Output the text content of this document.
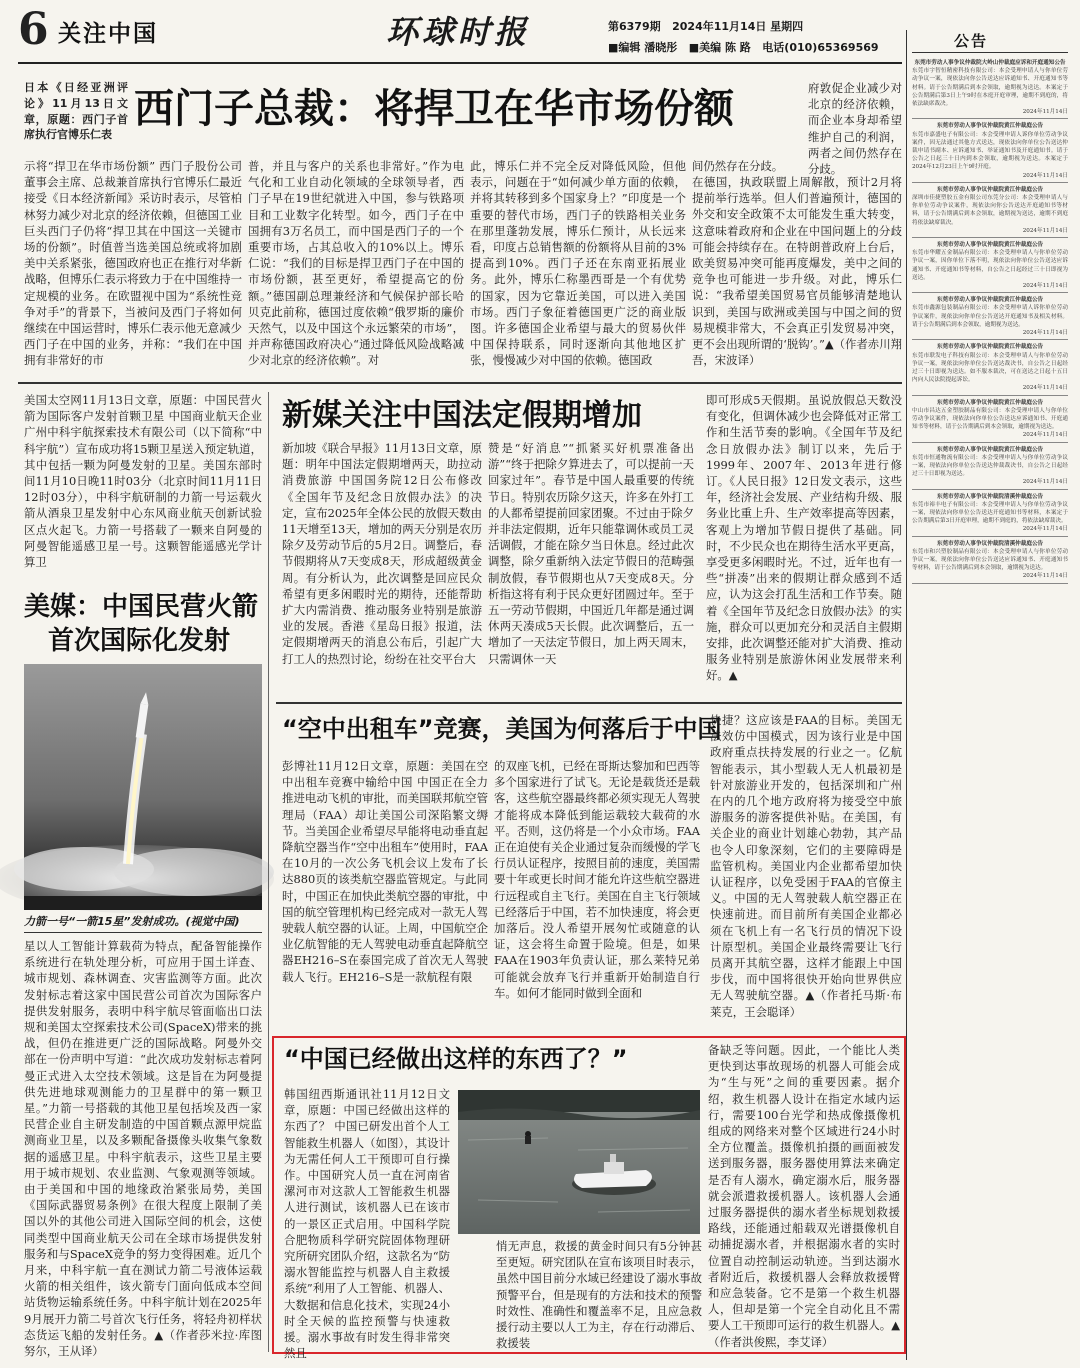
6 关注中国	环球时报	第6379期 2024年11月14日 星期四
■编辑 潘晓彤 ■美编 陈 路 电话(010)65369569	公告
东莞市劳动人事争议仲裁院大岭山仲裁庭应诉和开庭通知公告
东莞市宇智恒精密科技有限公司：本会受理申请人与你单位劳动争议一案，现依法向你公告送达应诉通知书、开庭通知书等材料。请于公告期满后到本会领取，逾期视为送达。本案定于公告期满后第3日上午9时在本庭开庭审理，逾期不到庭的，将依法缺席裁决。
2024年11月14日
东莞市劳动人事争议仲裁院黄江仲裁庭公告
东莞市嘉盛电子有限公司：本会受理申请人诉你单位劳动争议案件，因无法通过其他方式送达，现依法向你单位公告送达仲裁申请书副本、应诉通知书、举证通知书及开庭通知书。请于公告之日起三十日内到本会领取，逾期视为送达。本案定于2024年12月23日上午9时开庭。
2024年11月14日
东莞市劳动人事争议仲裁院黄江仲裁庭公告
深圳市佳捷塑胶五金有限公司东莞分公司：本会受理申请人与你单位劳动争议案件，现依法向你公告送达开庭通知书等材料，请于公告期满后到本会领取，逾期视为送达，逾期不到庭将依法缺席裁决。
2024年11月14日
东莞市劳动人事争议仲裁院黄江仲裁庭公告
东莞市华耀五金制品有限公司：本会受理申请人与你单位劳动争议一案，因你单位下落不明，现依法向你单位公告送达应诉通知书、开庭通知书等材料，自公告之日起经过三十日即视为送达。
2024年11月14日
东莞市劳动人事争议仲裁院黄江仲裁庭公告
东莞市鑫源包装制品有限公司：本会受理申请人诉你单位劳动争议案件，现依法向你单位公告送达开庭通知书及相关材料。请于公告期满后到本会领取，逾期视为送达。
2024年11月14日
东莞市劳动人事争议仲裁院黄江仲裁庭公告
东莞市联发电子科技有限公司：本会受理申请人与你单位劳动争议一案，现依法向你单位公告送达裁决书，自公告之日起经过三十日即视为送达。如不服本裁决，可在送达之日起十五日内向人民法院提起诉讼。
2024年11月14日
东莞市劳动人事争议仲裁院黄江仲裁庭公告
中山市昌达五金塑胶制品有限公司：本会受理申请人与你单位劳动争议案件，现依法向你单位公告送达应诉通知书、开庭通知书等材料，请于公告期满后到本会领取，逾期视为送达。
2024年11月14日
东莞市劳动人事争议仲裁院黄江仲裁庭公告
东莞市恒通物流有限公司：本会受理申请人与你单位劳动争议一案，现依法向你单位公告送达仲裁裁决书，自公告之日起经过三十日即视为送达。
2024年11月14日
东莞市劳动人事争议仲裁院清溪仲裁庭公告
东莞市裕丰电子有限公司：本会受理申请人与你单位劳动争议一案，现依法向你单位公告送达开庭通知书等材料，本案定于公告期满后第3日开庭审理，逾期不到庭的，将依法缺席裁决。
2024年11月14日
东莞市劳动人事争议仲裁院清溪仲裁庭公告
东莞市和兴塑胶制品有限公司：本会受理申请人与你单位劳动争议一案，现依法向你单位公告送达应诉通知书、开庭通知书等材料，请于公告期满后到本会领取，逾期视为送达。
2024年11月14日
日本《日经亚洲评论》11月13日文章，原题：西门子首席执行官博乐仁表
西门子总裁：将捍卫在华市场份额	府敦促企业减少对北京的经济依赖，而企业本身却希望维护自己的利润，两者之间仍然存在分歧。
示将“捍卫在华市场份额” 西门子股份公司董事会主席、总裁兼首席执行官博乐仁最近接受《日本经济新闻》采访时表示，尽管柏林努力减少对北京的经济依赖，但德国工业巨头西门子仍将“捍卫其在中国这一关键市场的份额”。时值普当选美国总统或将加剧美中关系紧张，德国政府也正在推行对华新战略，但博乐仁表示将致力于在中国维持一定规模的业务。在欧盟视中国为“系统性竞争对手”的背景下，当被问及西门子将如何继续在中国运营时，博乐仁表示他无意减少西门子在中国的业务，并称：“我们在中国拥有非常好的市
普，并且与客户的关系也非常好。”作为电气化和工业自动化领域的全球领导者，西门子早在19世纪就进入中国，参与铁路项目和工业数字化转型。如今，西门子在中国拥有3万名员工，而中国是西门子的一个重要市场，占其总收入的10%以上。博乐仁说：“我们的目标是捍卫西门子在中国的市场份额，甚至更好，希望提高它的份额。”德国副总理兼经济和气候保护部长哈贝克此前称，德国过度依赖“俄罗斯的廉价天然气，以及中国这个永远繁荣的市场”，并声称德国政府决心“通过降低风险战略减少对北京的经济依赖”。对
此，博乐仁并不完全反对降低风险，但他表示，问题在于“如何减少单方面的依赖，并将其转移到多个国家身上？”印度是一个重要的替代市场，西门子的铁路相关业务在那里蓬勃发展，博乐仁预计，从长远来看，印度占总销售额的份额将从目前的3%提高到10%。西门子还在东南亚拓展业务。此外，博乐仁称墨西哥是一个有优势的国家，因为它靠近美国，可以进入美国市场。西门子象征着德国更广泛的商业版图。许多德国企业希望与最大的贸易伙伴中国保持联系，同时逐渐向其他地区扩张，慢慢减少对中国的依赖。德国政
在德国，执政联盟上周解散，预计2月将提前举行选举。但人们普遍预计，德国的外交和安全政策不太可能发生重大转变，这意味着政府和企业在中国问题上的分歧可能会持续存在。在特朗普政府上台后，欧美贸易冲突可能再度爆发，美中之间的竞争也可能进一步升级。对此，博乐仁说：“我希望美国贸易官员能够清楚地认识到，美国与欧洲或美国与中国之间的贸易规模非常大，不会真正引发贸易冲突，更不会出现所谓的‘脱钩’。”▲（作者赤川翔吾，宋波译）
间仍然存在分歧。
美国太空网11月13日文章，原题：中国民营火箭为国际客户发射首颗卫星 中国商业航天企业广州中科宇航探索技术有限公司（以下简称“中科宇航”）宣布成功将15颗卫星送入预定轨道，其中包括一颗为阿曼发射的卫星。美国东部时间11月10日晚11时03分（北京时间11月11日12时03分），中科宇航研制的力箭一号运载火箭从酒泉卫星发射中心东风商业航天创新试验区点火起飞。力箭一号搭载了一颗来自阿曼的阿曼智能遥感卫星一号。这颗智能遥感光学计算卫
美媒：中国民营火箭
首次国际化发射
力箭一号“一箭15星”发射成功。(视觉中国)
星以人工智能计算载荷为特点，配备智能操作系统进行在轨处理分析，可应用于国土详查、城市规划、森林调查、灾害监测等方面。此次发射标志着这家中国民营公司首次为国际客户提供发射服务，表明中科宇航尽管面临出口法规和美国太空探索技术公司(SpaceX)带来的挑战，但仍在推进更广泛的国际战略。阿曼外交部在一份声明中写道：“此次成功发射标志着阿曼正式进入太空技术领域。这是旨在为阿曼提供先进地球观测能力的卫星群中的第一颗卫星。”力箭一号搭载的其他卫星包括埃及西一家民营企业自主研发制造的中国首颗点源甲烷监测商业卫星，以及多颗配备摄像头收集气象数据的遥感卫星。中科宇航表示，这些卫星主要用于城市规划、农业监测、气象观测等领域。由于美国和中国的地缘政治紧张局势，美国《国际武器贸易条例》在很大程度上限制了美国以外的其他公司进入国际空间的机会，这使同类型中国商业航天公司在全球市场提供发射服务和与SpaceX竞争的努力变得困难。近几个月来，中科宇航一直在测试力箭二号液体运载火箭的相关组件，该火箭专门面向低成本空间站货物运输系统任务。中科宇航计划在2025年9月展开力箭二号首次飞行任务，将轻舟初样状态货运飞船的发射任务。▲（作者莎米拉·库图努尔，王从译）
新媒关注中国法定假期增加
新加坡《联合早报》11月13日文章，原题：明年中国法定假期增两天，助拉动消费旅游 中国国务院12日公布修改《全国年节及纪念日放假办法》的决定，宣布2025年全体公民的放假天数由11天增至13天，增加的两天分别是农历除夕及劳动节后的5月2日。调整后，春节假期将从7天变成8天，形成超级黄金周。有分析认为，此次调整是回应民众希望有更多闲暇时光的期待，还能帮助扩大内需消费、推动服务业特别是旅游业的发展。香港《星岛日报》报道，法定假期增两天的消息公布后，引起广大打工人的热烈讨论，纷纷在社交平台大
赞是“好消息”“抓紧买好机票准备出游”“终于把除夕算进去了，可以提前一天回家过年”。春节是中国人最重要的传统节日。特别农历除夕这天，许多在外打工的人都希望提前回家团聚。不过由于除夕并非法定假期，近年只能靠调休或员工灵活调假，才能在除夕当日休息。经过此次调整，除夕重新纳入法定节假日的范畴强制放假，春节假期也从7天变成8天。分析指这将有利于民众更好团圆过年。至于五一劳动节假期，中国近几年都是通过调休两天凑成5天长假。此次调整后，五一增加了一天法定节假日，加上两天周末，只需调休一天
即可形成5天假期。虽说放假总天数没有变化，但调休减少也会降低对正常工作和生活节奏的影响。《全国年节及纪念日放假办法》制订以来，先后于1999年、2007年、2013年进行修订。《人民日报》12日发文表示，这些年，经济社会发展、产业结构升级、服务业比重上升、生产效率提高等因素，客观上为增加节假日提供了基础。同时，不少民众也在期待生活水平更高，享受更多闲暇时光。不过，近年也有一些“拼凑”出来的假期让群众感到不适应，认为这会打乱生活和工作节奏。随着《全国年节及纪念日放假办法》的实施，群众可以更加充分和灵活自主假期安排，此次调整还能对扩大消费、推动服务业特别是旅游休闲业发展带来利好。▲
“空中出租车”竞赛，美国为何落后于中国
彭博社11月12日文章，原题：美国在空中出租车竞赛中输给中国 中国正在全力推进电动飞机的审批，而美国联邦航空管理局（FAA）却让美国公司深陷繁文缛节。当美国企业希望尽早能将电动垂直起降航空器当作“空中出租车”使用时，FAA在10月的一次公务飞机会议上发布了长达880页的该类航空器监管规定。与此同时，中国正在加快此类航空器的审批，中国的航空管理机构已经完成对一款无人驾驶载人航空器的认证。上周，中国航空企业亿航智能的无人驾驶电动垂直起降航空器EH216–S在泰国完成了首次无人驾驶载人飞行。EH216–S是一款航程有限
的双座飞机，已经在哥斯达黎加和巴西等多个国家进行了试飞。无论是载货还是载客，这些航空器最终都必须实现无人驾驶才能将成本降低到能运载较大载荷的水平。否则，这仍将是一个小众市场。FAA正在迫使有关企业通过复杂而缓慢的学飞行员认证程序，按照目前的速度，美国需要十年或更长时间才能允许这些航空器进行远程或自主飞行。美国在自主飞行领域已经落后于中国，若不加快速度，将会更加落后。没人希望开展匆忙或随意的认证，这会将生命置于险境。但是，如果FAA在1903年负责认证，那么莱特兄弟可能就会放弃飞行并重新开始制造自行车。如何才能同时做到全面和
快捷？这应该是FAA的目标。美国无法效仿中国模式，因为该行业是中国政府重点扶持发展的行业之一。亿航智能表示，其小型载人无人机最初是针对旅游业开发的，包括深圳和广州在内的几个地方政府将为接受空中旅游服务的游客提供补贴。在美国，有关企业的商业计划雄心勃勃，其产品也令人印象深刻，它们的主要障碍是监管机构。美国业内企业都希望加快认证程序，以免受困于FAA的官僚主义。中国的无人驾驶载人航空器正在快速前进。而目前所有美国企业都必须在飞机上有一名飞行员的情况下设计原型机。美国企业最终需要让飞行员离开其航空器，这样才能跟上中国步伐，而中国将很快开始向世界供应无人驾驶航空器。▲（作者托马斯·布莱克，王会聪译）
“中国已经做出这样的东西了？”
韩国纽西斯通讯社11月12日文章，原题：中国已经做出这样的东西了？ 中国已研发出首个人工智能救生机器人（如图），其设计为无需任何人工干预即可自行操作。中国研究人员一直在河南省漯河市对这款人工智能救生机器人进行测试，该机器人已在该市的一景区正式启用。中国科学院合肥物质科学研究院固体物理研究所研究团队介绍，这款名为“防溺水智能监控与机器人自主救援系统”利用了人工智能、机器人、大数据和信息化技术，实现24小时全天候的监控预警与快速救援。溺水事故有时发生得非常突然且
悄无声息，救援的黄金时间只有5分钟甚至更短。研究团队在宣布该项目时表示，虽然中国目前分水域已经建设了溺水事故预警平台，但是现有的方法和技术的预警时效性、准确性和覆盖率不足，且应急救援行动主要以人工为主，存在行动滞后、救援装
备缺乏等问题。因此，一个能比人类更快到达事故现场的机器人可能会成为“生与死”之间的重要因素。据介绍，救生机器人设计在指定水域内运行，需要100台光学和热成像摄像机组成的网络来对整个区域进行24小时全方位覆盖。摄像机拍摄的画面被发送到服务器，服务器使用算法来确定是否有人溺水，确定溺水后，服务器就会派遣救援机器人。该机器人会通过服务器提供的溺水者坐标规划救援路线，还能通过船载双光谱摄像机自动捕捉溺水者，并根据溺水者的实时位置自动控制运动轨迹。当到达溺水者附近后，救援机器人会释放救援臂和应急装备。它不是第一个救生机器人，但却是第一个完全自动化且不需要人工干预即可运行的救生机器人。▲（作者洪俊熙，李艾译）
